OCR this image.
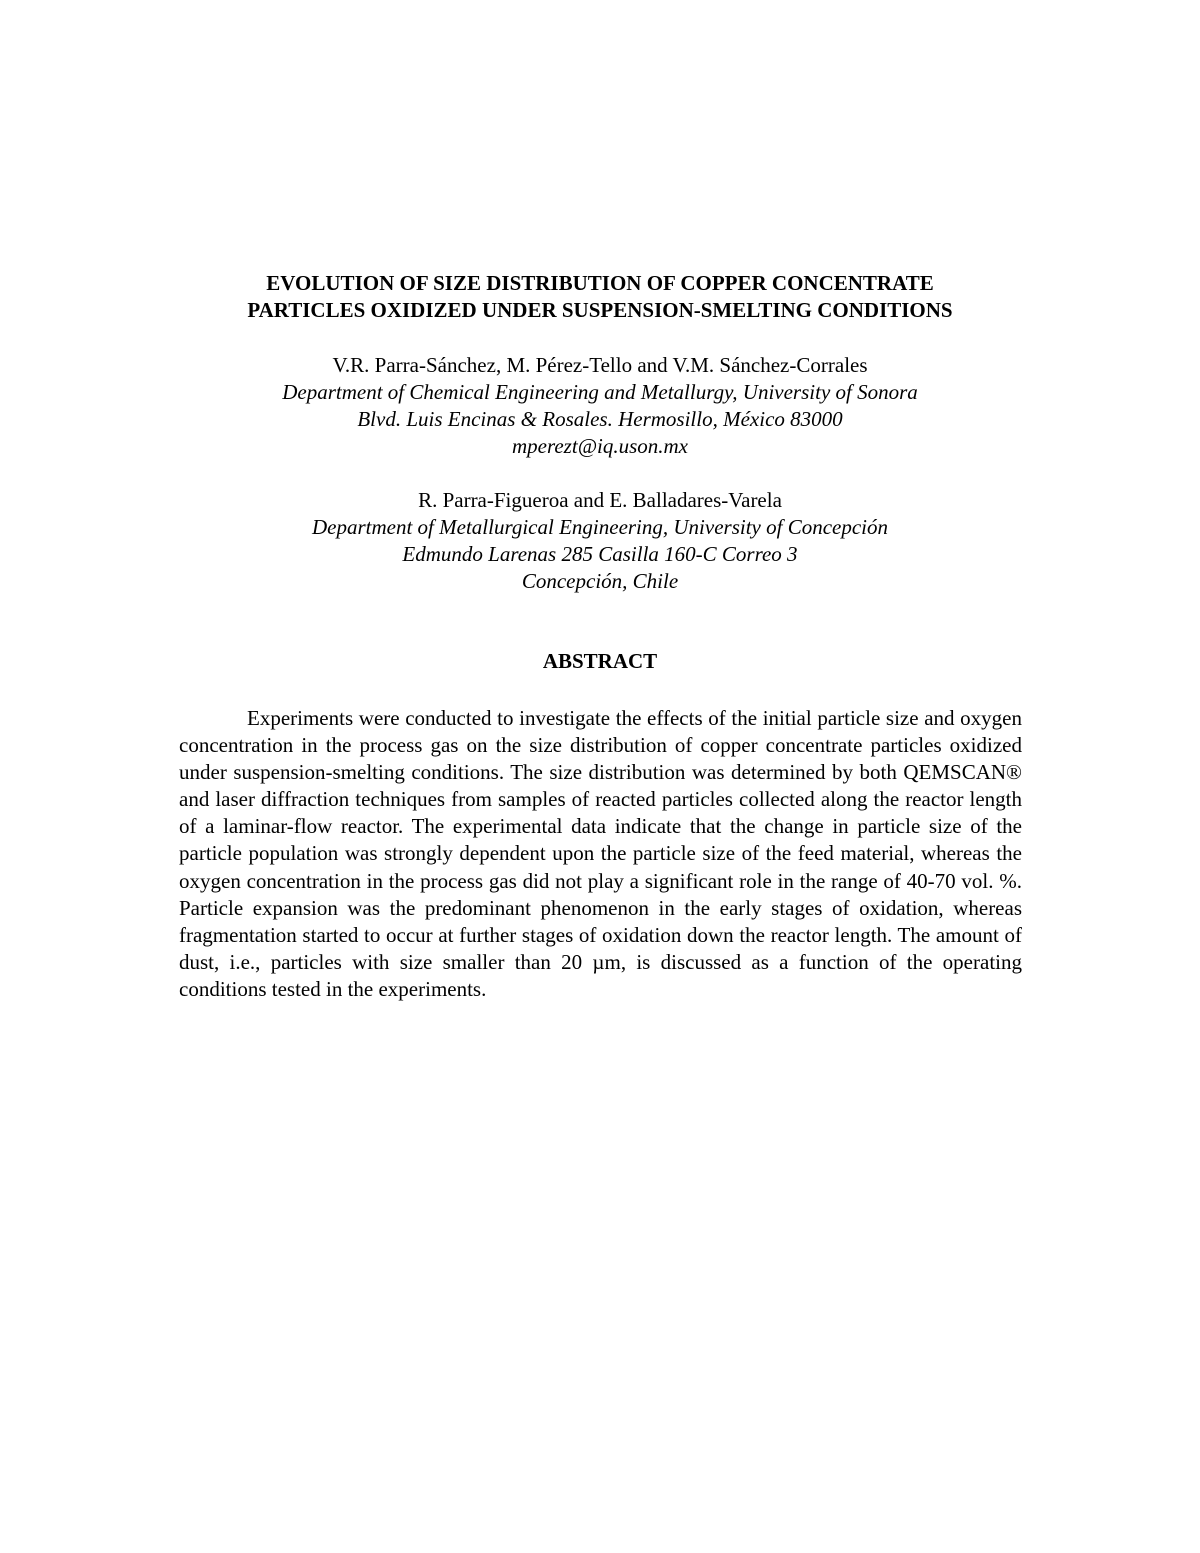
EVOLUTION OF SIZE DISTRIBUTION OF COPPER CONCENTRATE
PARTICLES OXIDIZED UNDER SUSPENSION-SMELTING CONDITIONS
V.R. Parra-Sánchez, M. Pérez-Tello and V.M. Sánchez-Corrales
Department of Chemical Engineering and Metallurgy, University of Sonora
Blvd. Luis Encinas & Rosales. Hermosillo, México 83000
mperezt@iq.uson.mx
R. Parra-Figueroa and E. Balladares-Varela
Department of Metallurgical Engineering, University of Concepción
Edmundo Larenas 285 Casilla 160-C Correo 3
Concepción, Chile
ABSTRACT

Experiments were conducted to investigate the effects of the initial particle size and oxygen concentration in the process gas on the size distribution of copper concentrate particles oxidized under suspension-smelting conditions. The size distribution was determined by both QEMSCAN® and laser diffraction techniques from samples of reacted particles collected along the reactor length of a laminar-flow reactor. The experimental data indicate that the change in particle size of the particle population was strongly dependent upon the particle size of the feed material, whereas the oxygen concentration in the process gas did not play a significant role in the range of 40-70 vol. %. Particle expansion was the predominant phenomenon in the early stages of oxidation, whereas fragmentation started to occur at further stages of oxidation down the reactor length. The amount of dust, i.e., particles with size smaller than 20 µm, is discussed as a function of the operating conditions tested in the experiments.
